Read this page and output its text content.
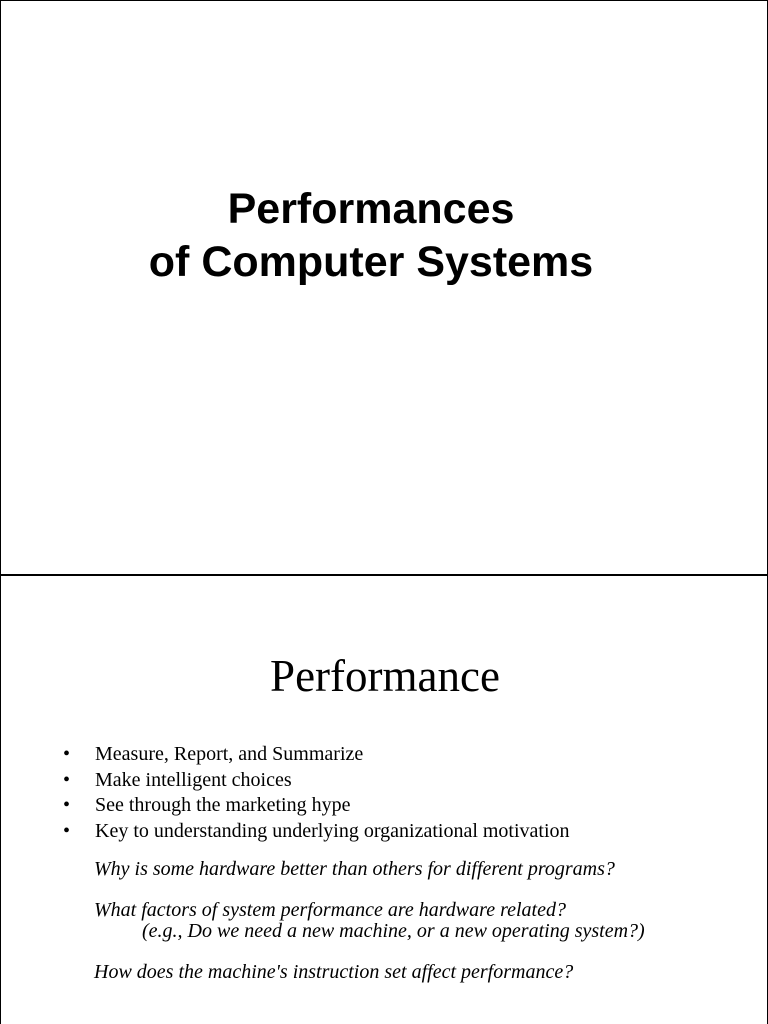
Performances
of Computer Systems
Performance
• Measure, Report, and Summarize
• Make intelligent choices
• See through the marketing hype
• Key to understanding underlying organizational motivation
Why is some hardware better than others for different programs?
What factors of system performance are hardware related?
(e.g., Do we need a new machine, or a new operating system?)
How does the machine's instruction set affect performance?
